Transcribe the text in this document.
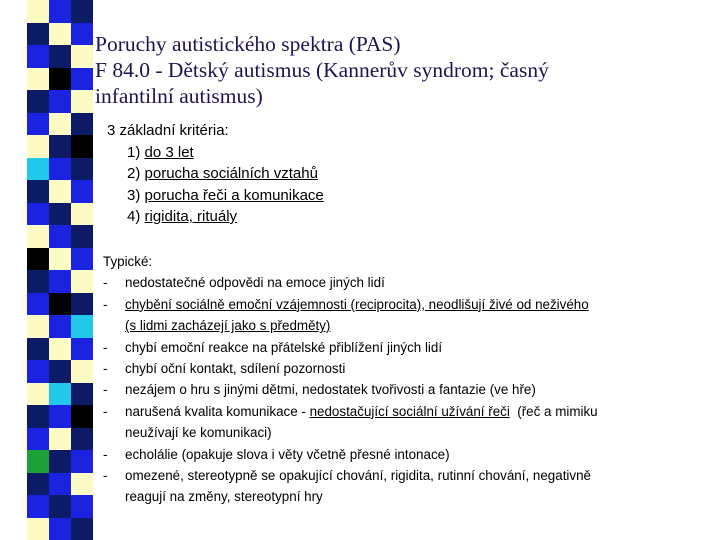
Poruchy autistického spektra (PAS)
F 84.0 - Dětský autismus (Kannerův syndrom; časný
infantilní autismus)
3 základní kritéria:
1) do 3 let
2) porucha sociálních vztahů
3) porucha řeči a komunikace
4) rigidita, rituály
Typické:
-	nedostatečné odpovědi na emoce jiných lidí
-	chybění sociálně emoční vzájemnosti (reciprocita), neodlišují živé od neživého
(s lidmi zacházejí jako s předměty)
-	chybí emoční reakce na přátelské přiblížení jiných lidí
-	chybí oční kontakt, sdílení pozornosti
-	nezájem o hru s jinými dětmi, nedostatek tvořivosti a fantazie (ve hře)
-	narušená kvalita komunikace - nedostačující sociální užívání řeči  (řeč a mimiku
neužívají ke komunikaci)
-	echolálie (opakuje slova i věty včetně přesné intonace)
-	omezené, stereotypně se opakující chování, rigidita, rutinní chování, negativně
reagují na změny, stereotypní hry
